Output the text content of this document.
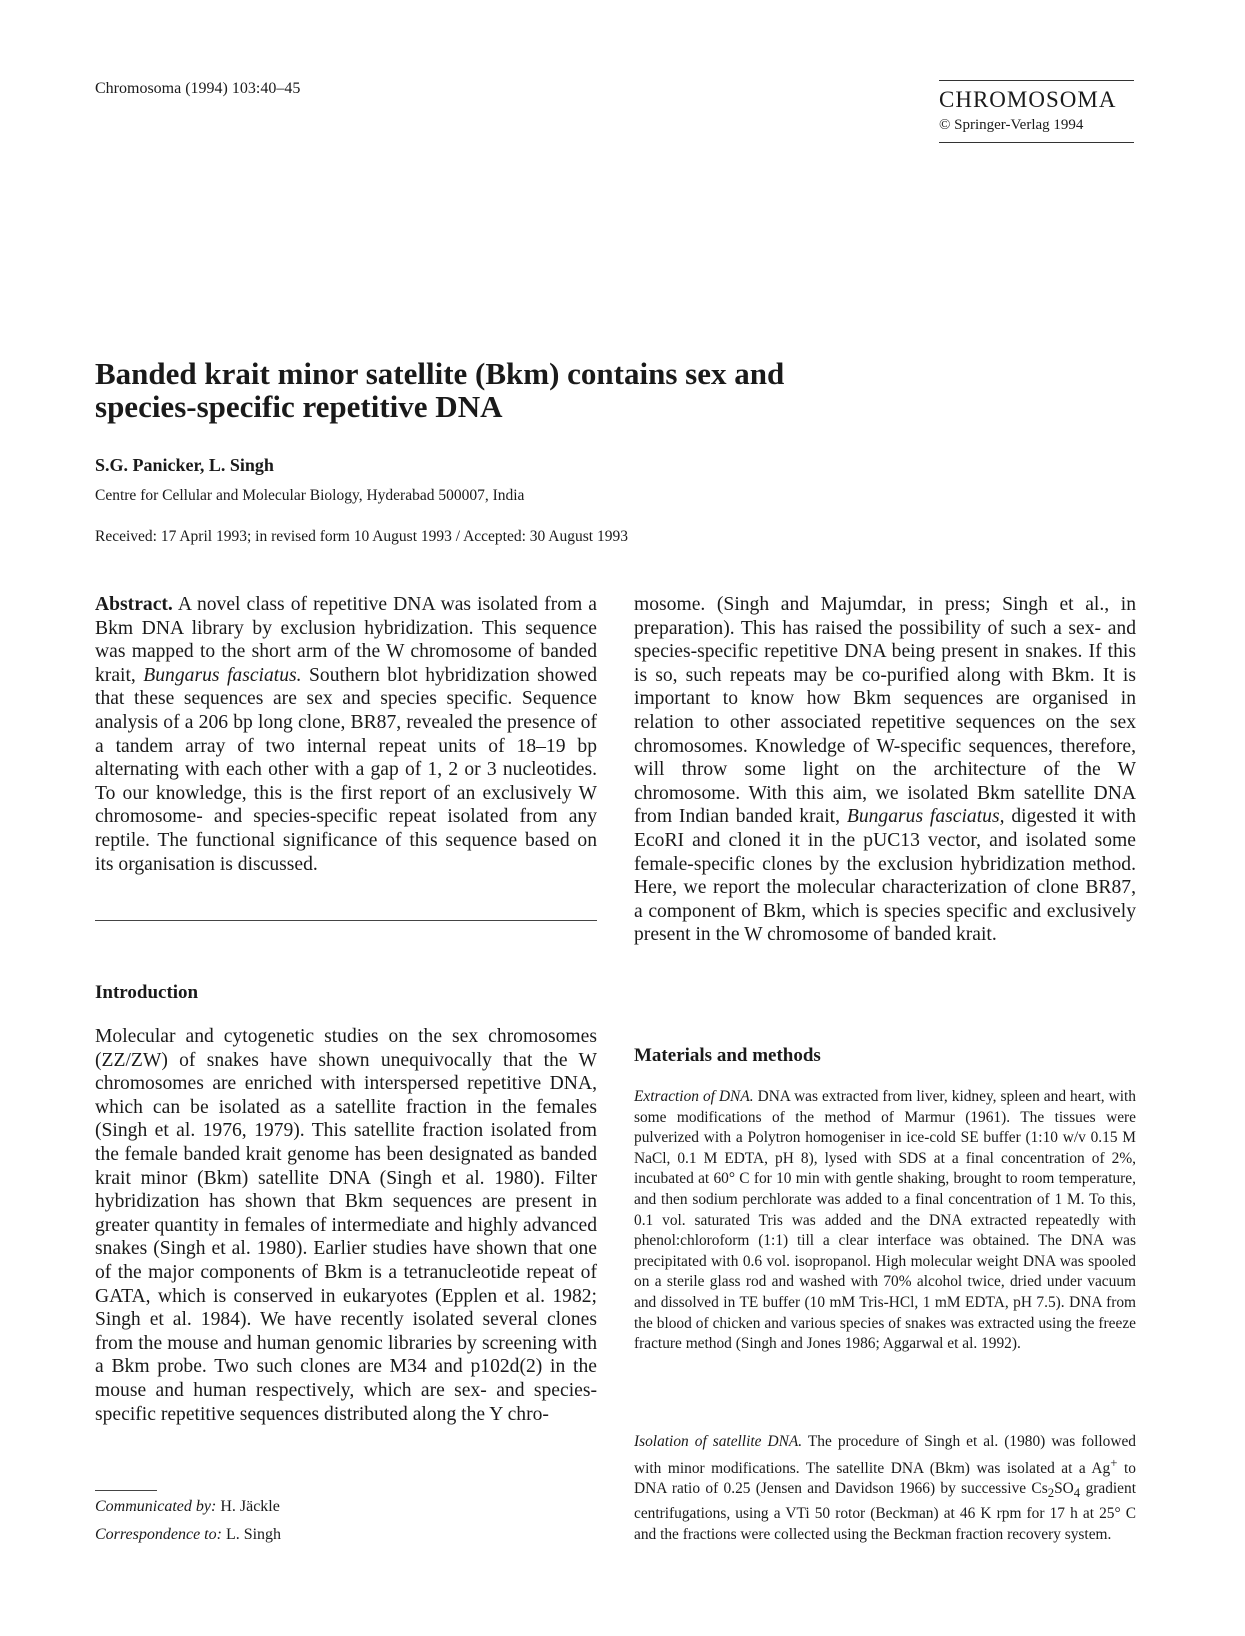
Chromosoma (1994) 103:40–45	CHROMOSOMA
© Springer-Verlag 1994
Banded krait minor satellite (Bkm) contains sex and species-specific repetitive DNA
S.G. Panicker, L. Singh
Centre for Cellular and Molecular Biology, Hyderabad 500007, India
Received: 17 April 1993; in revised form 10 August 1993 / Accepted: 30 August 1993
Abstract. A novel class of repetitive DNA was isolated from a Bkm DNA library by exclusion hybridization. This sequence was mapped to the short arm of the W chromosome of banded krait, Bungarus fasciatus. Southern blot hybridization showed that these sequences are sex and species specific. Sequence analysis of a 206 bp long clone, BR87, revealed the presence of a tandem array of two internal repeat units of 18–19 bp alternating with each other with a gap of 1, 2 or 3 nucleotides. To our knowledge, this is the first report of an exclusively W chromosome- and species-specific repeat isolated from any reptile. The functional significance of this sequence based on its organisation is discussed.
Introduction
Molecular and cytogenetic studies on the sex chromosomes (ZZ/ZW) of snakes have shown unequivocally that the W chromosomes are enriched with interspersed repetitive DNA, which can be isolated as a satellite fraction in the females (Singh et al. 1976, 1979). This satellite fraction isolated from the female banded krait genome has been designated as banded krait minor (Bkm) satellite DNA (Singh et al. 1980). Filter hybridization has shown that Bkm sequences are present in greater quantity in females of intermediate and highly advanced snakes (Singh et al. 1980). Earlier studies have shown that one of the major components of Bkm is a tetranucleotide repeat of GATA, which is conserved in eukaryotes (Epplen et al. 1982; Singh et al. 1984). We have recently isolated several clones from the mouse and human genomic libraries by screening with a Bkm probe. Two such clones are M34 and p102d(2) in the mouse and human respectively, which are sex- and species-specific repetitive sequences distributed along the Y chro-
Communicated by: H. Jäckle
Correspondence to: L. Singh
mosome. (Singh and Majumdar, in press; Singh et al., in preparation). This has raised the possibility of such a sex- and species-specific repetitive DNA being present in snakes. If this is so, such repeats may be co-purified along with Bkm. It is important to know how Bkm sequences are organised in relation to other associated repetitive sequences on the sex chromosomes. Knowledge of W-specific sequences, therefore, will throw some light on the architecture of the W chromosome. With this aim, we isolated Bkm satellite DNA from Indian banded krait, Bungarus fasciatus, digested it with EcoRI and cloned it in the pUC13 vector, and isolated some female-specific clones by the exclusion hybridization method. Here, we report the molecular characterization of clone BR87, a component of Bkm, which is species specific and exclusively present in the W chromosome of banded krait.
Materials and methods
Extraction of DNA. DNA was extracted from liver, kidney, spleen and heart, with some modifications of the method of Marmur (1961). The tissues were pulverized with a Polytron homogeniser in ice-cold SE buffer (1:10 w/v 0.15 M NaCl, 0.1 M EDTA, pH 8), lysed with SDS at a final concentration of 2%, incubated at 60° C for 10 min with gentle shaking, brought to room temperature, and then sodium perchlorate was added to a final concentration of 1 M. To this, 0.1 vol. saturated Tris was added and the DNA extracted repeatedly with phenol:chloroform (1:1) till a clear interface was obtained. The DNA was precipitated with 0.6 vol. isopropanol. High molecular weight DNA was spooled on a sterile glass rod and washed with 70% alcohol twice, dried under vacuum and dissolved in TE buffer (10 mM Tris-HCl, 1 mM EDTA, pH 7.5). DNA from the blood of chicken and various species of snakes was extracted using the freeze fracture method (Singh and Jones 1986; Aggarwal et al. 1992).
Isolation of satellite DNA. The procedure of Singh et al. (1980) was followed with minor modifications. The satellite DNA (Bkm) was isolated at a Ag+ to DNA ratio of 0.25 (Jensen and Davidson 1966) by successive $Cs_2SO_4$ gradient centrifugations, using a VTi 50 rotor (Beckman) at 46 K rpm for 17 h at 25° C and the fractions were collected using the Beckman fraction recovery system.
